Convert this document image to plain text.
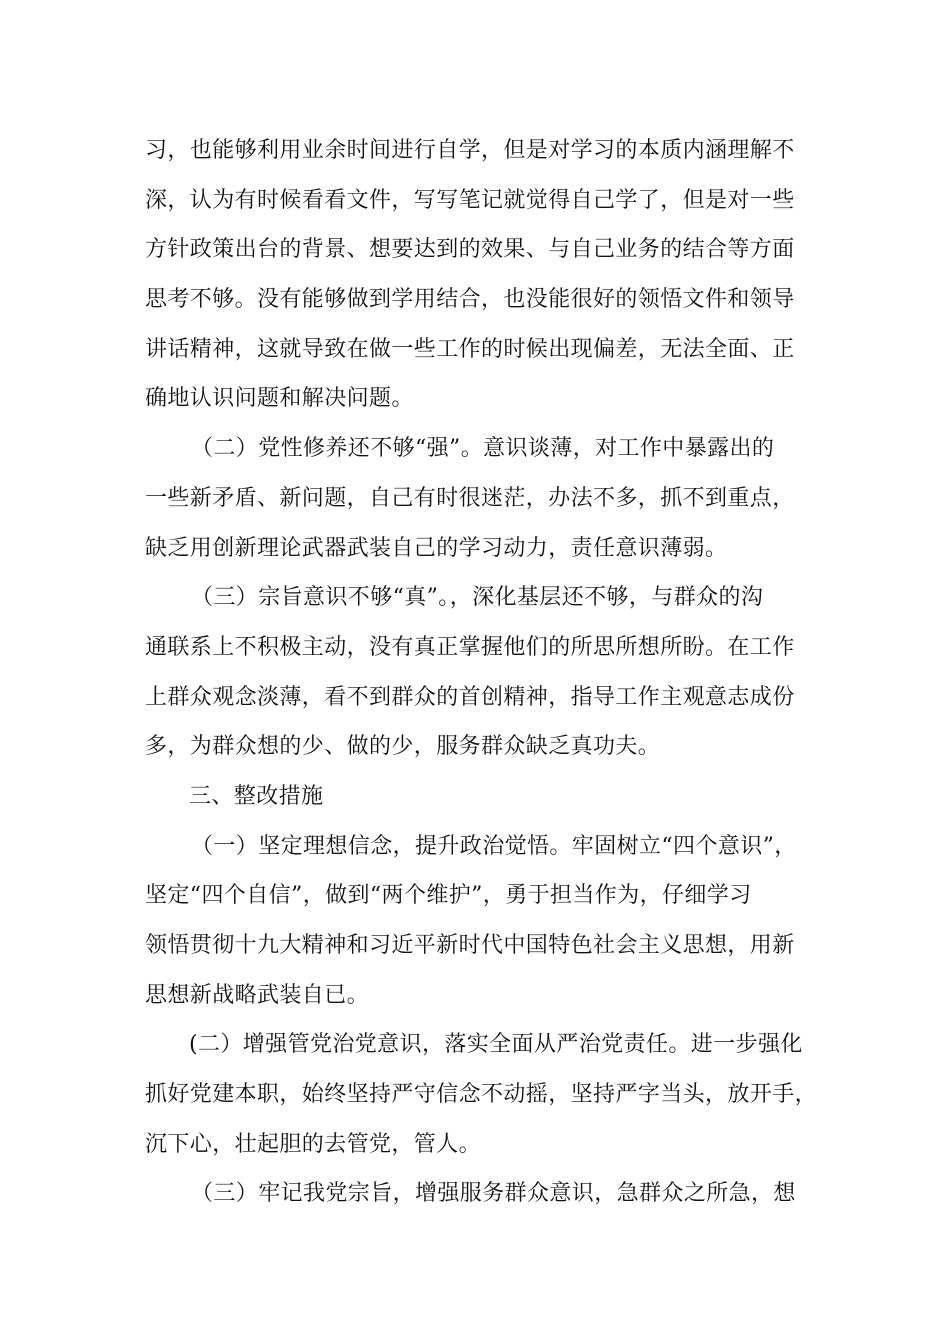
习，也能够利用业余时间进行自学，但是对学习的本质内涵理解不
深，认为有时候看看文件，写写笔记就觉得自己学了，但是对一些
方针政策出台的背景、想要达到的效果、与自己业务的结合等方面
思考不够。没有能够做到学用结合，也没能很好的领悟文件和领导
讲话精神，这就导致在做一些工作的时候出现偏差，无法全面、正
确地认识问题和解决问题。
（二）党性修养还不够“强”。意识谈薄，对工作中暴露出的
一些新矛盾、新问题，自己有时很迷茫，办法不多，抓不到重点，
缺乏用创新理论武器武装自己的学习动力，责任意识薄弱。
（三）宗旨意识不够“真”。，深化基层还不够，与群众的沟
通联系上不积极主动，没有真正掌握他们的所思所想所盼。在工作
上群众观念淡薄，看不到群众的首创精神，指导工作主观意志成份
多，为群众想的少、做的少，服务群众缺乏真功夫。
三、整改措施
（一）坚定理想信念，提升政治觉悟。牢固树立“四个意识”，
坚定“四个自信”，做到“两个维护”，勇于担当作为，仔细学习
领悟贯彻十九大精神和习近平新时代中国特色社会主义思想，用新
思想新战略武装自已。
(二）增强管党治党意识，落实全面从严治党责任。进一步强化
抓好党建本职，始终坚持严守信念不动摇，坚持严字当头，放开手，
沉下心，壮起胆的去管党，管人。
（三）牢记我党宗旨，增强服务群众意识，急群众之所急，想
